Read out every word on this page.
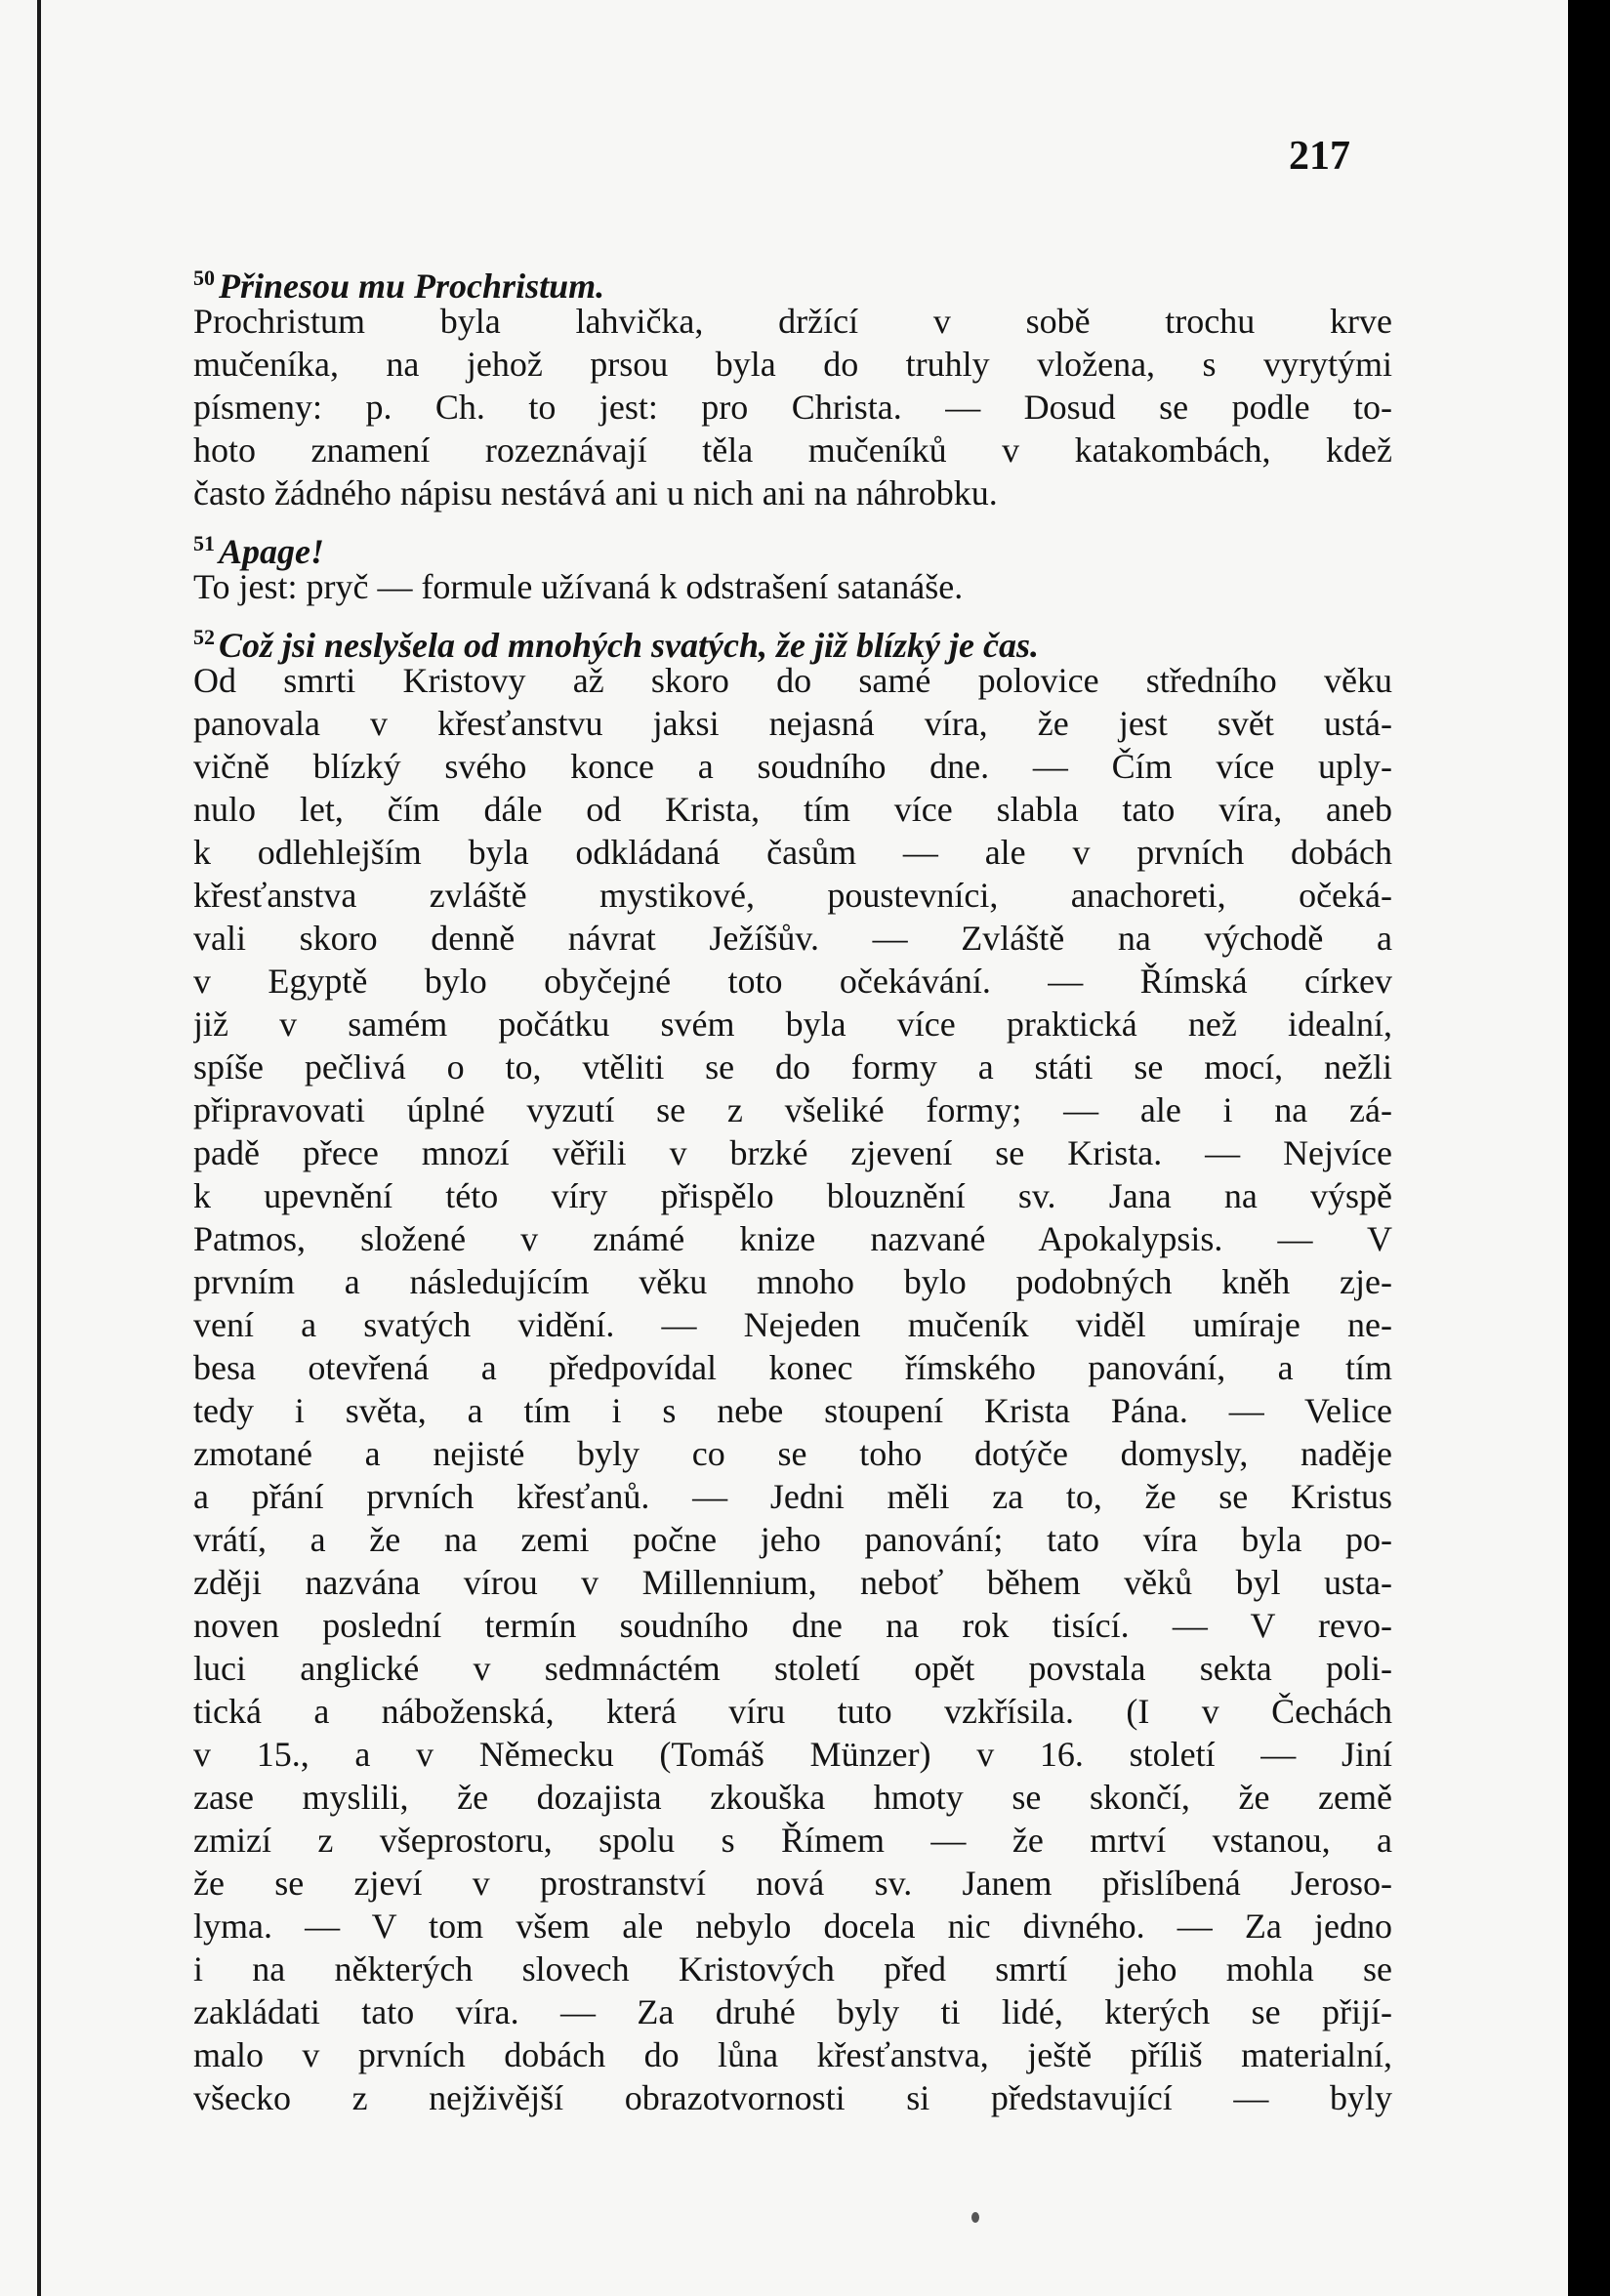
217
$^{50}$ Přinesou mu Prochristum.
Prochristum byla lahvička, držící v sobě trochu krve
mučeníka, na jehož prsou byla do truhly vložena, s vyrytými
písmeny: p. Ch. to jest: pro Christa. — Dosud se podle to-
hoto znamení rozeznávají těla mučeníků v katakombách, kdež
často žádného nápisu nestává ani u nich ani na náhrobku.
$^{51}$ Apage!
To jest: pryč — formule užívaná k odstrašení satanáše.
$^{52}$ Což jsi neslyšela od mnohých svatých, že již blízký je čas.
Od smrti Kristovy až skoro do samé polovice středního věku
panovala v křesťanstvu jaksi nejasná víra, že jest svět ustá-
vičně blízký svého konce a soudního dne. — Čím více uply-
nulo let, čím dále od Krista, tím více slabla tato víra, aneb
k odlehlejším byla odkládaná časům — ale v prvních dobách
křesťanstva zvláště mystikové, poustevníci, anachoreti, očeká-
vali skoro denně návrat Ježíšův. — Zvláště na východě a
v Egyptě bylo obyčejné toto očekávání. — Římská církev
již v samém počátku svém byla více praktická než idealní,
spíše pečlivá o to, vtěliti se do formy a státi se mocí, nežli
připravovati úplné vyzutí se z všeliké formy; — ale i na zá-
padě přece mnozí věřili v brzké zjevení se Krista. — Nejvíce
k upevnění této víry přispělo blouznění sv. Jana na výspě
Patmos, složené v známé knize nazvané Apokalypsis. — V
prvním a následujícím věku mnoho bylo podobných kněh zje-
vení a svatých vidění. — Nejeden mučeník viděl umíraje ne-
besa otevřená a předpovídal konec římského panování, a tím
tedy i světa, a tím i s nebe stoupení Krista Pána. — Velice
zmotané a nejisté byly co se toho dotýče domysly, naděje
a přání prvních křesťanů. — Jedni měli za to, že se Kristus
vrátí, a že na zemi počne jeho panování; tato víra byla po-
zději nazvána vírou v Millennium, neboť během věků byl usta-
noven poslední termín soudního dne na rok tisící. — V revo-
luci anglické v sedmnáctém století opět povstala sekta poli-
tická a náboženská, která víru tuto vzkřísila. (I v Čechách
v 15., a v Německu (Tomáš Münzer) v 16. století — Jiní
zase myslili, že dozajista zkouška hmoty se skončí, že země
zmizí z všeprostoru, spolu s Římem — že mrtví vstanou, a
že se zjeví v prostranství nová sv. Janem přislíbená Jeroso-
lyma. — V tom všem ale nebylo docela nic divného. — Za jedno
i na některých slovech Kristových před smrtí jeho mohla se
zakládati tato víra. — Za druhé byly ti lidé, kterých se přijí-
malo v prvních dobách do lůna křesťanstva, ještě příliš materialní,
všecko z nejživější obrazotvornosti si představující — byly
